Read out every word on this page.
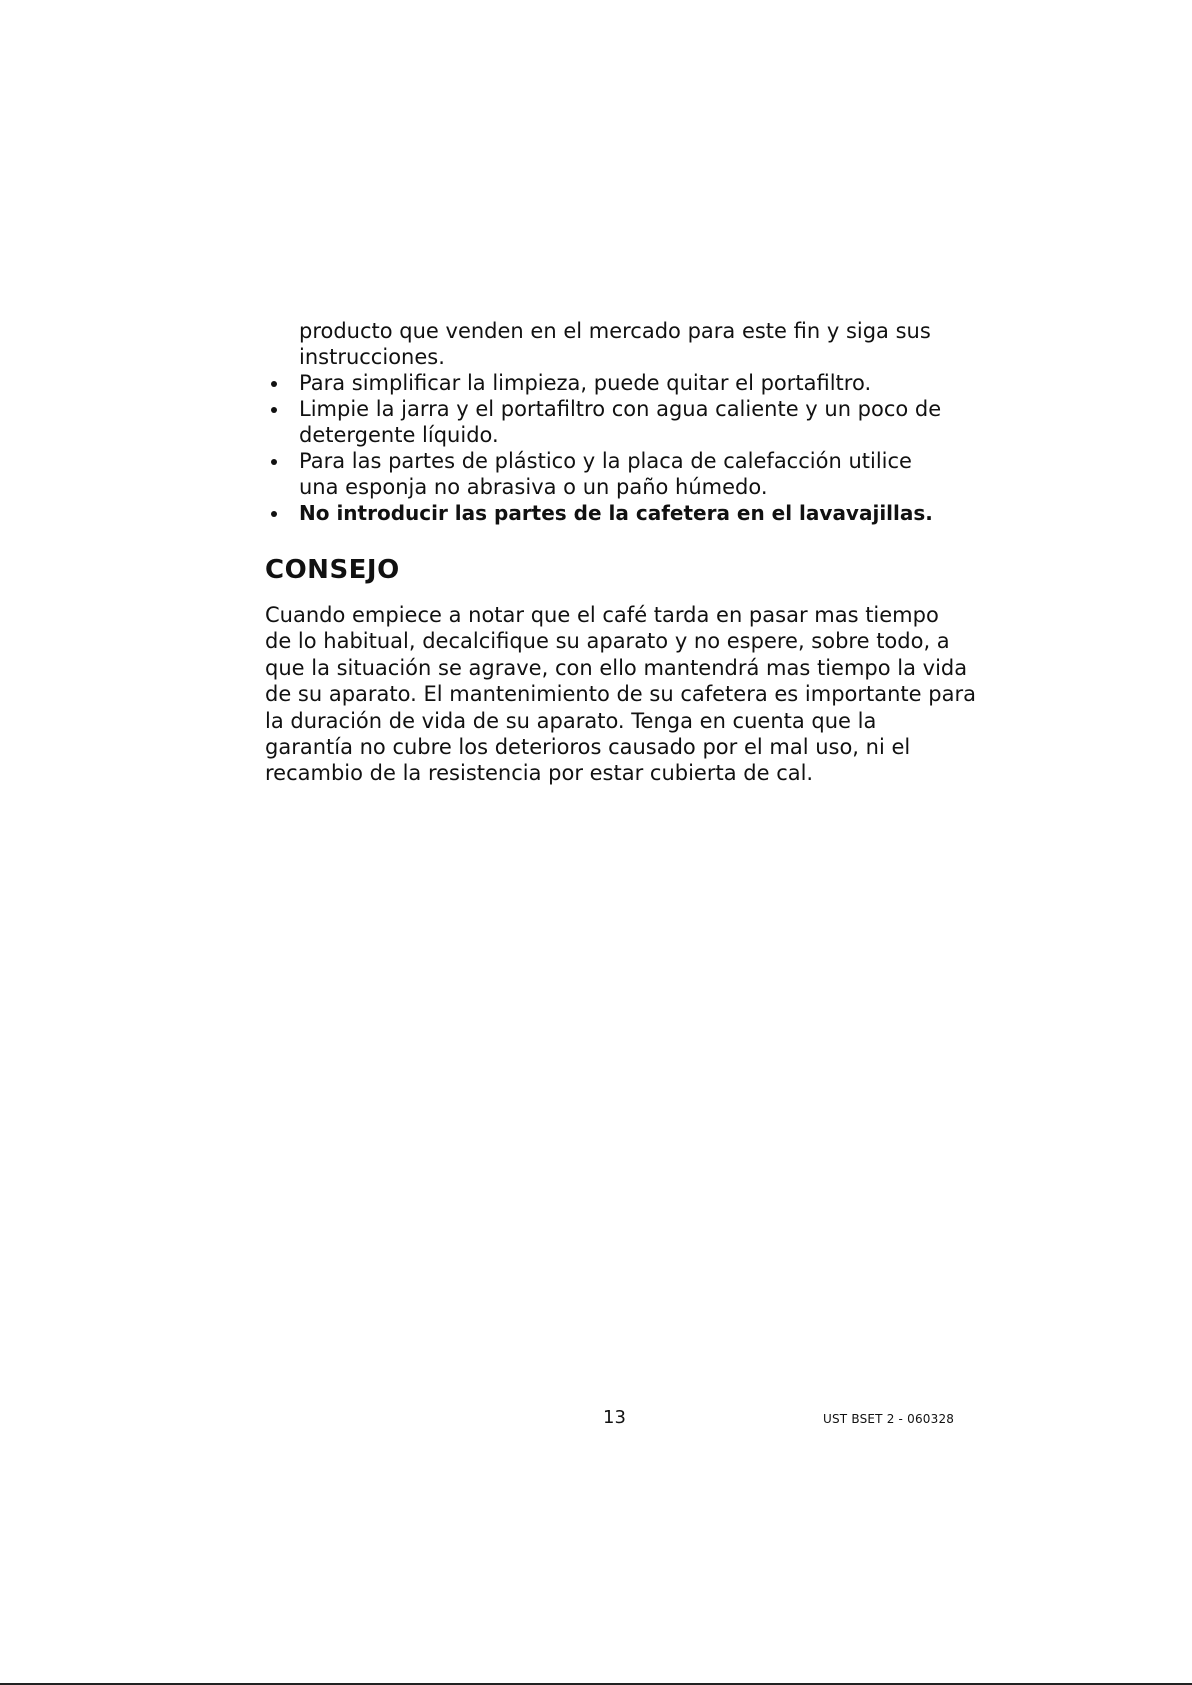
producto que venden en el mercado para este fin y siga sus
instrucciones.
Para simplificar la limpieza, puede quitar el portafiltro.
Limpie la jarra y el portafiltro con agua caliente y un poco de detergente líquido.
Para las partes de plástico y la placa de calefacción utilice una esponja no abrasiva o un paño húmedo.
No introducir las partes de la cafetera en el lavavajillas.
CONSEJO
Cuando empiece a notar que el café tarda en pasar mas tiempo
de lo habitual, decalcifique su aparato y no espere, sobre todo, a
que la situación se agrave, con ello mantendrá mas tiempo la vida
de su aparato. El mantenimiento de su cafetera es importante para
la duración de vida de su aparato. Tenga en cuenta que la
garantía no cubre los deterioros causado por el mal uso, ni el
recambio de la resistencia por estar cubierta de cal.
13	UST BSET 2 - 060328
